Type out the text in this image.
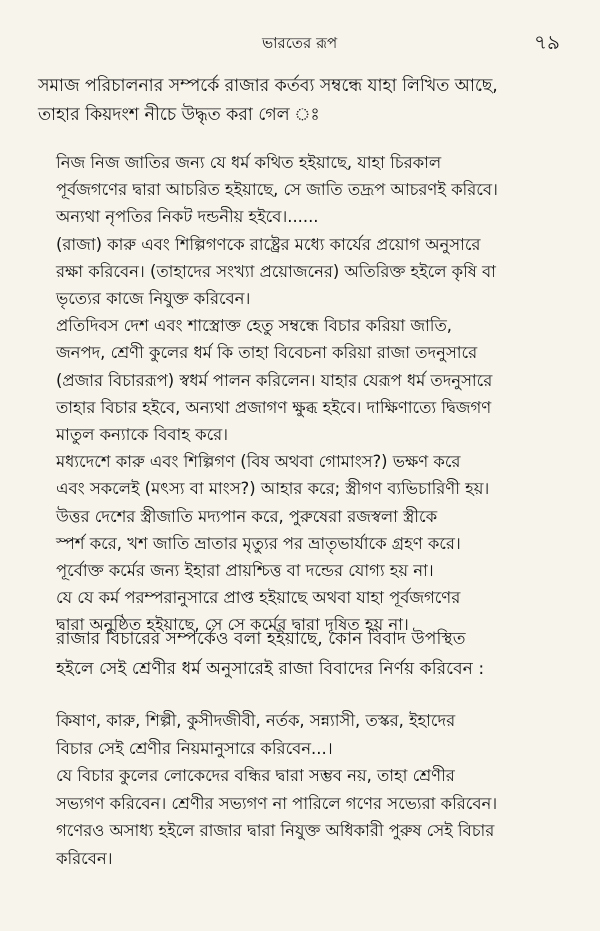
ভারতের রূপ	৭৯
সমাজ পরিচালনার সম্পর্কে রাজার কর্তব্য সম্বন্ধে যাহা লিখিত আছে,
তাহার কিয়দংশ নীচে উদ্ধৃত করা গেল ঃ
নিজ নিজ জাতির জন্য যে ধর্ম কথিত হইয়াছে, যাহা চিরকাল
পূর্বজগণের দ্বারা আচরিত হইয়াছে, সে জাতি তদ্রূপ আচরণই করিবে।
অন্যথা নৃপতির নিকট দন্ডনীয় হইবে।......
(রাজা) কারু এবং শিল্পিগণকে রাষ্ট্রের মধ্যে কার্যের প্রয়োগ অনুসারে
রক্ষা করিবেন। (তাহাদের সংখ্যা প্রয়োজনের) অতিরিক্ত হইলে কৃষি বা
ভৃত্যের কাজে নিযুক্ত করিবেন।
প্রতিদিবস দেশ এবং শাস্ত্রোক্ত হেতু সম্বন্ধে বিচার করিয়া জাতি,
জনপদ, শ্রেণী কুলের ধর্ম কি তাহা বিবেচনা করিয়া রাজা তদনুসারে
(প্রজার বিচাররূপ) স্বধর্ম পালন করিলেন। যাহার যেরূপ ধর্ম তদনুসারে
তাহার বিচার হইবে, অন্যথা প্রজাগণ ক্ষুব্ধ হইবে। দাক্ষিণাত্যে দ্বিজগণ
মাতুল কন্যাকে বিবাহ করে।
মধ্যদেশে কারু এবং শিল্পিগণ (বিষ অথবা গোমাংস?) ভক্ষণ করে
এবং সকলেই (মৎস্য বা মাংস?) আহার করে; স্ত্রীগণ ব্যভিচারিণী হয়।
উত্তর দেশের স্ত্রীজাতি মদ্যপান করে, পুরুষেরা রজস্বলা স্ত্রীকে
স্পর্শ করে, খশ জাতি ভ্রাতার মৃত্যুর পর ভ্রাতৃভার্যাকে গ্রহণ করে।
পূর্বোক্ত কর্মের জন্য ইহারা প্রায়শ্চিত্ত বা দন্ডের যোগ্য হয় না।
যে যে কর্ম পরম্পরানুসারে প্রাপ্ত হইয়াছে অথবা যাহা পূর্বজগণের
দ্বারা অনুষ্ঠিত হইয়াছে, সে সে কর্মের দ্বারা দূষিত হয় না।
রাজার বিচারের সম্পর্কেও বলা হইয়াছে, কোন বিবাদ উপস্থিত
হইলে সেই শ্রেণীর ধর্ম অনুসারেই রাজা বিবাদের নির্ণয় করিবেন :
কিষাণ, কারু, শিল্পী, কুসীদজীবী, নর্তক, সন্ন্যাসী, তস্কর, ইহাদের
বিচার সেই শ্রেণীর নিয়মানুসারে করিবেন...।
যে বিচার কুলের লোকেদের বন্ধির দ্বারা সম্ভব নয়, তাহা শ্রেণীর
সভ্যগণ করিবেন। শ্রেণীর সভ্যগণ না পারিলে গণের সভ্যেরা করিবেন।
গণেরও অসাধ্য হইলে রাজার দ্বারা নিযুক্ত অধিকারী পুরুষ সেই বিচার
করিবেন।
